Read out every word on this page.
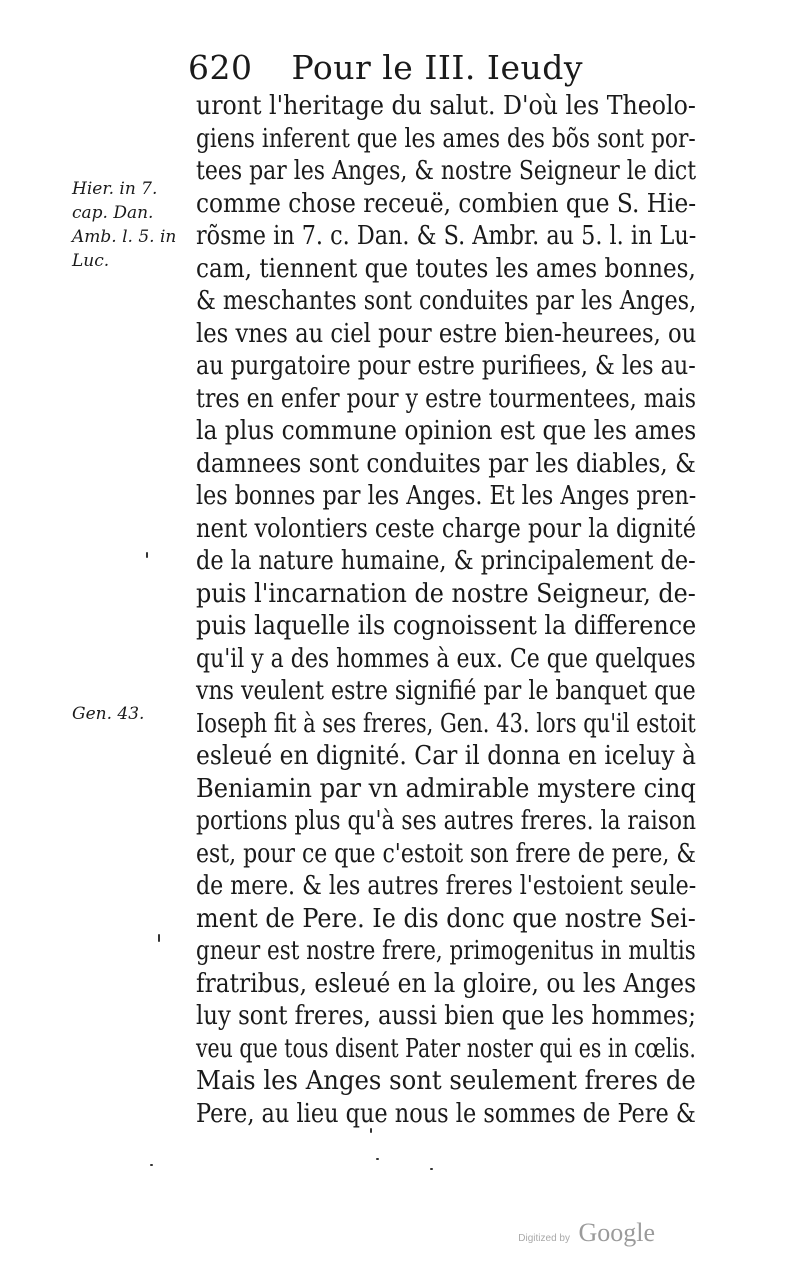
620 Pour le III. Ieudy
Hier. in 7.
cap. Dan.
Amb. l. 5. in
Luc.
Gen. 43.
uront l'heritage du salut. D'où les Theolo-
giens inferent que les ames des bõs sont por-
tees par les Anges, & nostre Seigneur le dict
comme chose receuë, combien que S. Hie-
rõsme in 7. c. Dan. & S. Ambr. au 5. l. in Lu-
cam, tiennent que toutes les ames bonnes,
& meschantes sont conduites par les Anges,
les vnes au ciel pour estre bien-heurees, ou
au purgatoire pour estre purifiees, & les au-
tres en enfer pour y estre tourmentees, mais
la plus commune opinion est que les ames
damnees sont conduites par les diables, &
les bonnes par les Anges. Et les Anges pren-
nent volontiers ceste charge pour la dignité
de la nature humaine, & principalement de-
puis l'incarnation de nostre Seigneur, de-
puis laquelle ils cognoissent la difference
qu'il y a des hommes à eux. Ce que quelques
vns veulent estre signifié par le banquet que
Ioseph fit à ses freres, Gen. 43. lors qu'il estoit
esleué en dignité. Car il donna en iceluy à
Beniamin par vn admirable mystere cinq
portions plus qu'à ses autres freres. la raison
est, pour ce que c'estoit son frere de pere, &
de mere. & les autres freres l'estoient seule-
ment de Pere. Ie dis donc que nostre Sei-
gneur est nostre frere, primogenitus in multis
fratribus, esleué en la gloire, ou les Anges
luy sont freres, aussi bien que les hommes;
veu que tous disent Pater noster qui es in cœlis.
Mais les Anges sont seulement freres de
Pere, au lieu que nous le sommes de Pere &
Digitized by Google
